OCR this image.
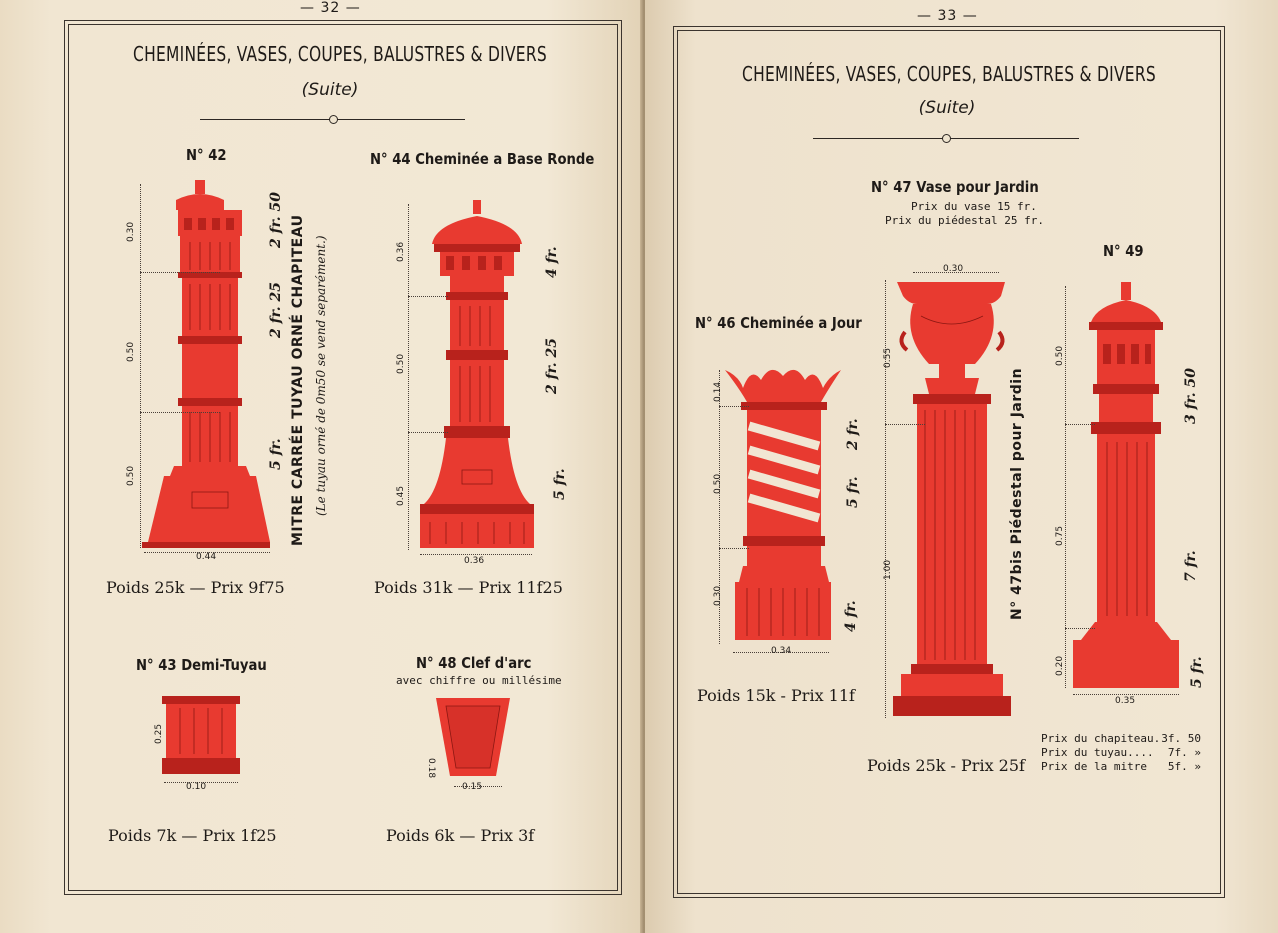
— 32 —
CHEMINÉES, VASES, COUPES, BALUSTRES & DIVERS
(Suite)
N° 42
0.30
0.50
0.50
0.44
2 fr. 50
2 fr. 25
5 fr. MITRE CARRÉE TUYAU ORNÉ CHAPITEAU (Le tuyau orné de 0m50 se vend separément.)
Poids 25k — Prix 9f75
N° 44 Cheminée a Base Ronde
0.36
0.50
0.45
0.36
4 fr.
2 fr. 25
5 fr.
Poids 31k — Prix 11f25
N° 43 Demi-Tuyau
0.25
0.10
Poids 7k — Prix 1f25
N° 48 Clef d'arc
avec chiffre ou millésime
0.18
0.15
Poids 6k — Prix 3f
— 33 —
CHEMINÉES, VASES, COUPES, BALUSTRES & DIVERS
(Suite)
N° 47 Vase pour Jardin
Prix du vase 15 fr.
Prix du piédestal 25 fr.
0.30
0.55
1.00	N° 47bis Piédestal pour Jardin
Poids 25k - Prix 25f
N° 46 Cheminée a Jour
0.14
0.50
0.30
0.34
2 fr.
5 fr.
4 fr.
Poids 15k - Prix 11f
N° 49
0.50
0.75
0.20
0.35
3 fr. 50
7 fr.
5 fr.
Prix du chapiteau. 3f. 50
Prix du tuyau.... 7f. »
Prix de la mitre 5f. »
